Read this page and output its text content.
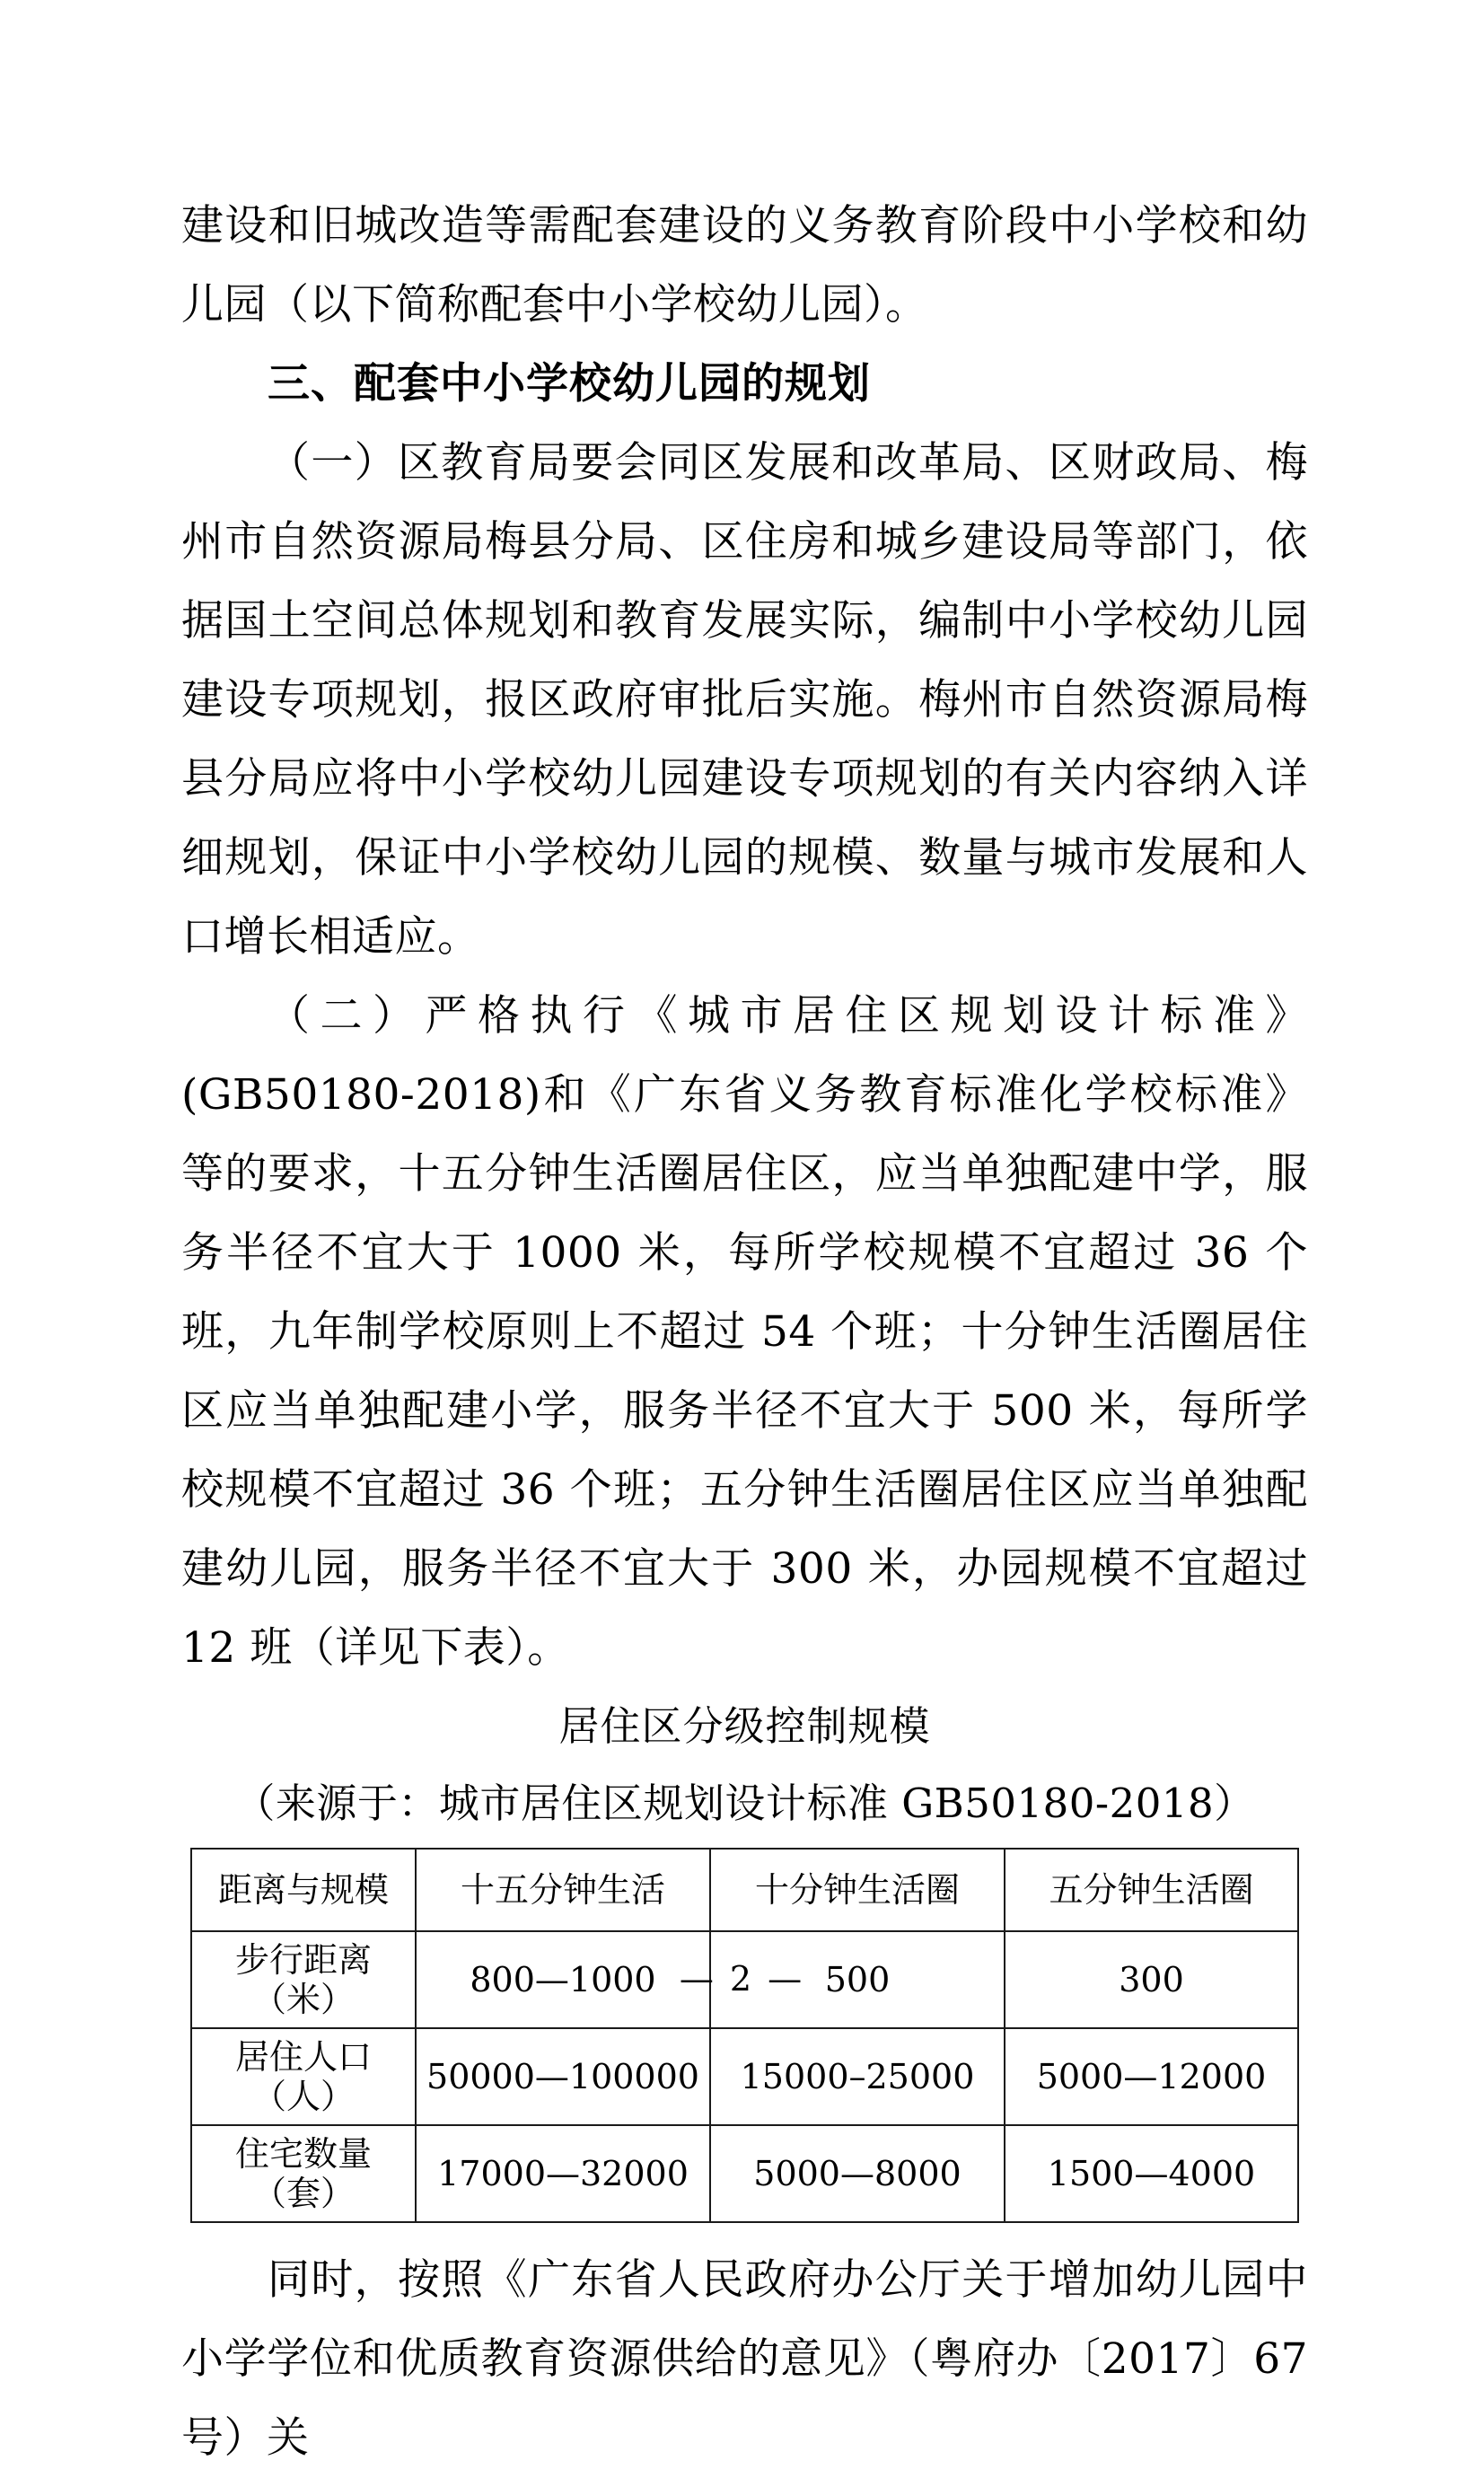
建设和旧城改造等需配套建设的义务教育阶段中小学校和幼儿园（以下简称配套中小学校幼儿园）。

三、配套中小学校幼儿园的规划

（一）区教育局要会同区发展和改革局、区财政局、梅州市自然资源局梅县分局、区住房和城乡建设局等部门，依据国土空间总体规划和教育发展实际，编制中小学校幼儿园建设专项规划，报区政府审批后实施。梅州市自然资源局梅县分局应将中小学校幼儿园建设专项规划的有关内容纳入详细规划，保证中小学校幼儿园的规模、数量与城市发展和人口增长相适应。

（二）严格执行《城市居住区规划设计标准》(GB50180-2018)和《广东省义务教育标准化学校标准》等的要求，十五分钟生活圈居住区，应当单独配建中学，服务半径不宜大于 1000 米，每所学校规模不宜超过 36 个班，九年制学校原则上不超过 54 个班；十分钟生活圈居住区应当单独配建小学，服务半径不宜大于 500 米，每所学校规模不宜超过 36 个班；五分钟生活圈居住区应当单独配建幼儿园，服务半径不宜大于 300 米，办园规模不宜超过 12 班（详见下表）。

居住区分级控制规模

（来源于：城市居住区规划设计标准 GB50180-2018）

距离与规模	十五分钟生活	十分钟生活圈	五分钟生活圈
步行距离（米）	800—1000	500	300
居住人口（人）	50000—100000	15000–25000	5000—12000
住宅数量（套）	17000—32000	5000—8000	1500—4000

同时，按照《广东省人民政府办公厅关于增加幼儿园中小学学位和优质教育资源供给的意见》（粤府办〔2017〕67 号）关

— 2 —
